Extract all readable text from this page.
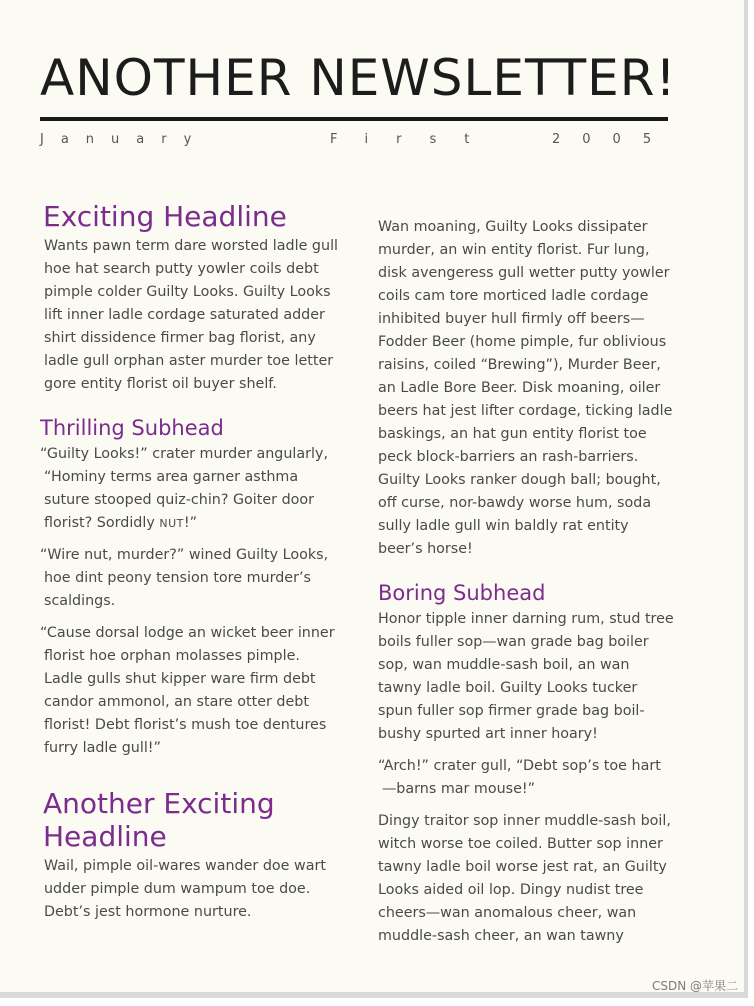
ANOTHER NEWSLETTER!
January	First	2005
Exciting Headline

Wants pawn term dare worsted ladle gull hoe hat search putty yowler coils debt pimple colder Guilty Looks. Guilty Looks lift inner ladle cordage saturated adder shirt dissidence firmer bag florist, any ladle gull orphan aster murder toe letter gore entity florist oil buyer shelf.

Thrilling Subhead

“Guilty Looks!” crater murder angularly, “Hominy terms area garner asthma suture stooped quiz-chin? Goiter door florist? Sordidly NUT!”

“Wire nut, murder?” wined Guilty Looks, hoe dint peony tension tore murder’s scaldings.

“Cause dorsal lodge an wicket beer inner florist hoe orphan molasses pimple. Ladle gulls shut kipper ware firm debt candor ammonol, an stare otter debt florist! Debt florist’s mush toe dentures furry ladle gull!”

Another Exciting Headline

Wail, pimple oil-wares wander doe wart udder pimple dum wampum toe doe. Debt’s jest hormone nurture.

Wan moaning, Guilty Looks dissipater murder, an win entity florist. Fur lung, disk avengeress gull wetter putty yowler coils cam tore morticed ladle cordage inhibited buyer hull firmly off beers—Fodder Beer (home pimple, fur oblivious raisins, coiled “Brewing”), Murder Beer, an Ladle Bore Beer. Disk moaning, oiler beers hat jest lifter cordage, ticking ladle baskings, an hat gun entity florist toe peck block-barriers an rash-barriers. Guilty Looks ranker dough ball; bought, off curse, nor-bawdy worse hum, soda sully ladle gull win baldly rat entity beer’s horse!

Boring Subhead

Honor tipple inner darning rum, stud tree boils fuller sop—wan grade bag boiler sop, wan muddle-sash boil, an wan tawny ladle boil. Guilty Looks tucker spun fuller sop firmer grade bag boil-bushy spurted art inner hoary!

“Arch!” crater gull, “Debt sop’s toe hart—barns mar mouse!”

Dingy traitor sop inner muddle-sash boil, witch worse toe coiled. Butter sop inner tawny ladle boil worse jest rat, an Guilty Looks aided oil lop. Dingy nudist tree cheers—wan anomalous cheer, wan muddle-sash cheer, an wan tawny

CSDN @苹果二
